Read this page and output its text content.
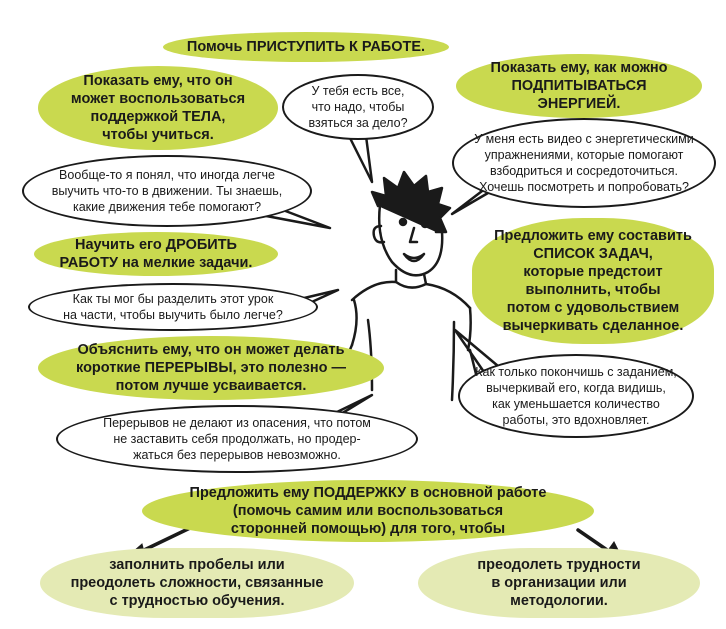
Помочь ПРИСТУПИТЬ К РАБОТЕ.
У тебя есть все,
что надо, чтобы
взяться за дело?
Показать ему, что он
может воспользоваться
поддержкой ТЕЛА,
чтобы учиться.
Вообще-то я понял, что иногда легче
выучить что-то в движении. Ты знаешь,
какие движения тебе помогают?
Показать ему, как можно
ПОДПИТЫВАТЬСЯ
ЭНЕРГИЕЙ.
У меня есть видео с энергетическими
упражнениями, которые помогают
взбодриться и сосредоточиться.
Хочешь посмотреть и попробовать?
Научить его ДРОБИТЬ
РАБОТУ на мелкие задачи.
Как ты мог бы разделить этот урок
на части, чтобы выучить было легче?
Предложить ему составить
СПИСОК ЗАДАЧ,
которые предстоит
выполнить, чтобы
потом с удовольствием
вычеркивать сделанное.
Как только покончишь с заданием,
вычеркивай его, когда видишь,
как уменьшается количество
работы, это вдохновляет.
Объяснить ему, что он может делать
короткие ПЕРЕРЫВЫ, это полезно —
потом лучше усваивается.
Перерывов не делают из опасения, что потом
не заставить себя продолжать, но продер-
жаться без перерывов невозможно.
Предложить ему ПОДДЕРЖКУ в основной работе
(помочь самим или воспользоваться
сторонней помощью) для того, чтобы
заполнить пробелы или
преодолеть сложности, связанные
с трудностью обучения.
преодолеть трудности
в организации или
методологии.
